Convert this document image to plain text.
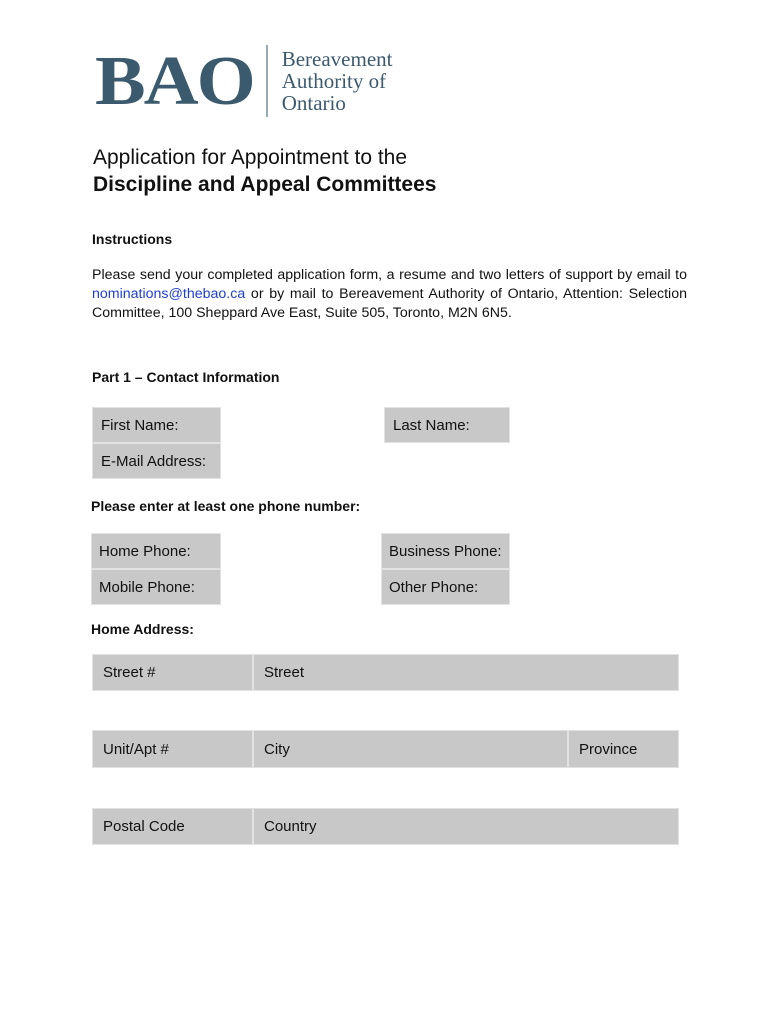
BAO Bereavement
Authority of
Ontario
Application for Appointment to the
Discipline and Appeal Committees
Instructions
Please send your completed application form, a resume and two letters of support by email to nominations@thebao.ca or by mail to Bereavement Authority of Ontario, Attention: Selection Committee, 100 Sheppard Ave East, Suite 505, Toronto, M2N 6N5.
Part 1 – Contact Information
First Name:	Last Name:
E-Mail Address:
Please enter at least one phone number:
Home Phone:	Business Phone:
Mobile Phone:	Other Phone:
Home Address:
Street #	Street
Unit/Apt #	City	Province
Postal Code	Country
